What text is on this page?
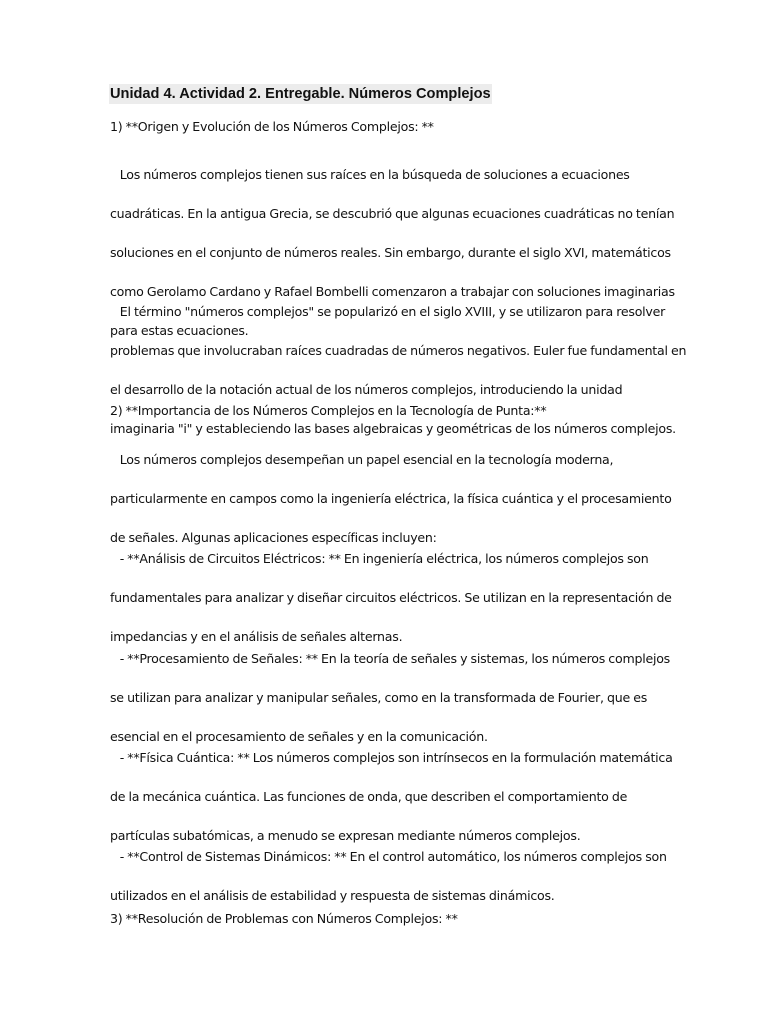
Unidad 4. Actividad 2. Entregable. Números Complejos
1) **Origen y Evolución de los Números Complejos: **

Los números complejos tienen sus raíces en la búsqueda de soluciones a ecuaciones

cuadráticas. En la antigua Grecia, se descubrió que algunas ecuaciones cuadráticas no tenían

soluciones en el conjunto de números reales. Sin embargo, durante el siglo XVI, matemáticos

como Gerolamo Cardano y Rafael Bombelli comenzaron a trabajar con soluciones imaginarias

para estas ecuaciones.

El término "números complejos" se popularizó en el siglo XVIII, y se utilizaron para resolver

problemas que involucraban raíces cuadradas de números negativos. Euler fue fundamental en

el desarrollo de la notación actual de los números complejos, introduciendo la unidad

imaginaria "i" y estableciendo las bases algebraicas y geométricas de los números complejos.

2) **Importancia de los Números Complejos en la Tecnología de Punta:**

Los números complejos desempeñan un papel esencial en la tecnología moderna,

particularmente en campos como la ingeniería eléctrica, la física cuántica y el procesamiento

de señales. Algunas aplicaciones específicas incluyen:

- **Análisis de Circuitos Eléctricos: ** En ingeniería eléctrica, los números complejos son

fundamentales para analizar y diseñar circuitos eléctricos. Se utilizan en la representación de

impedancias y en el análisis de señales alternas.

- **Procesamiento de Señales: ** En la teoría de señales y sistemas, los números complejos

se utilizan para analizar y manipular señales, como en la transformada de Fourier, que es

esencial en el procesamiento de señales y en la comunicación.

- **Física Cuántica: ** Los números complejos son intrínsecos en la formulación matemática

de la mecánica cuántica. Las funciones de onda, que describen el comportamiento de

partículas subatómicas, a menudo se expresan mediante números complejos.

- **Control de Sistemas Dinámicos: ** En el control automático, los números complejos son

utilizados en el análisis de estabilidad y respuesta de sistemas dinámicos.

3) **Resolución de Problemas con Números Complejos: **
